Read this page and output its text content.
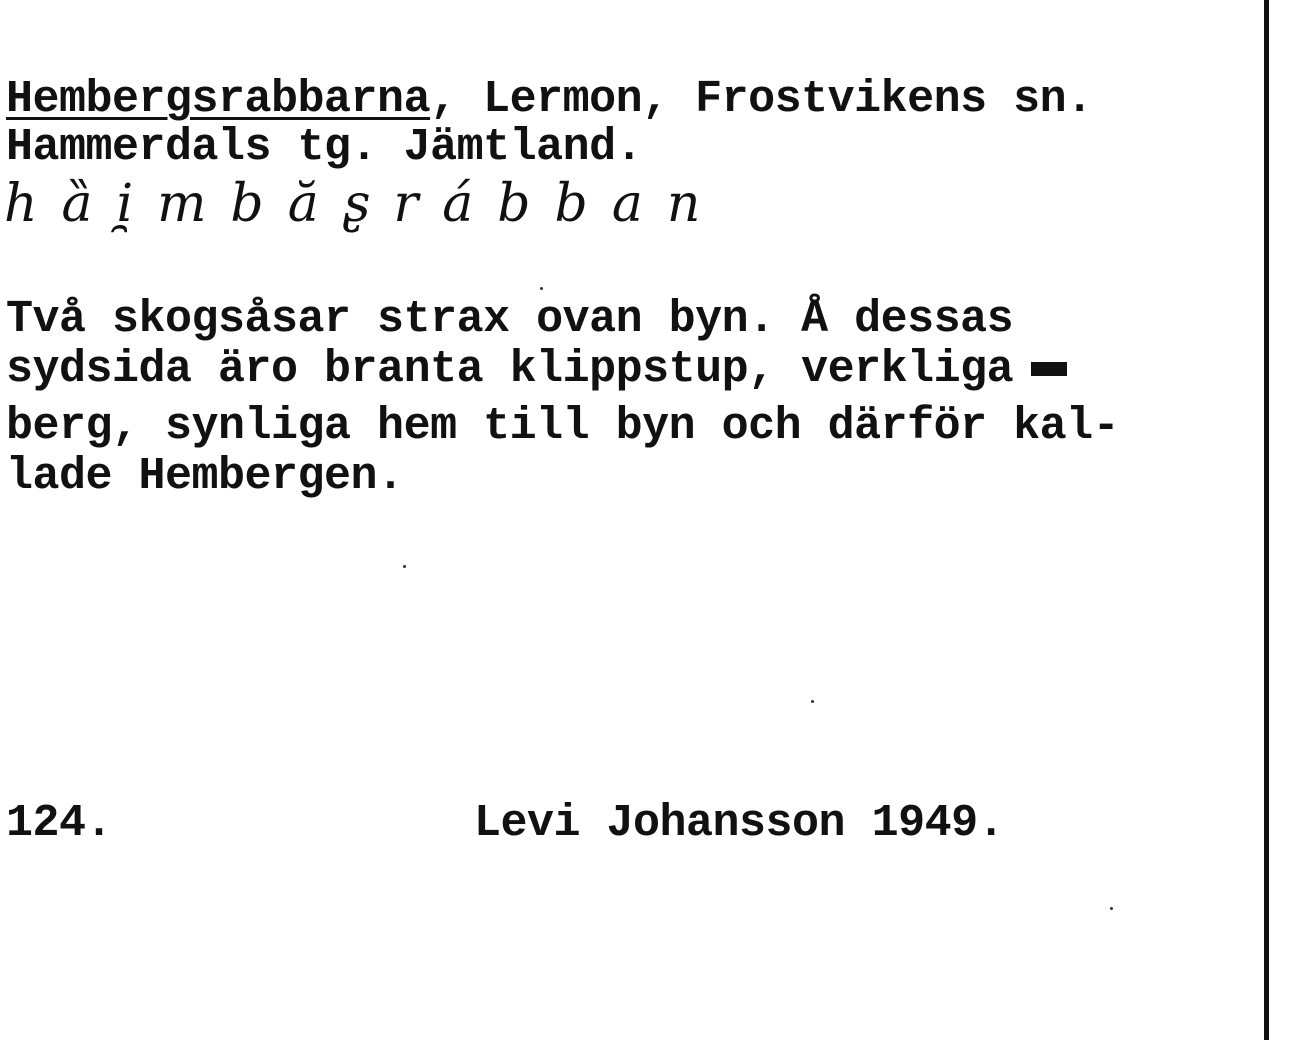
Hembergsrabbarna, Lermon, Frostvikens sn.

Hammerdals tg. Jämtland.

hȁi̯mbăʂrábban

Två skogsåsar strax ovan byn. Å dessas

sydsida äro branta klippstup, verkliga

berg, synliga hem till byn och därför kal-

lade Hembergen.

124.	Levi Johansson 1949.
